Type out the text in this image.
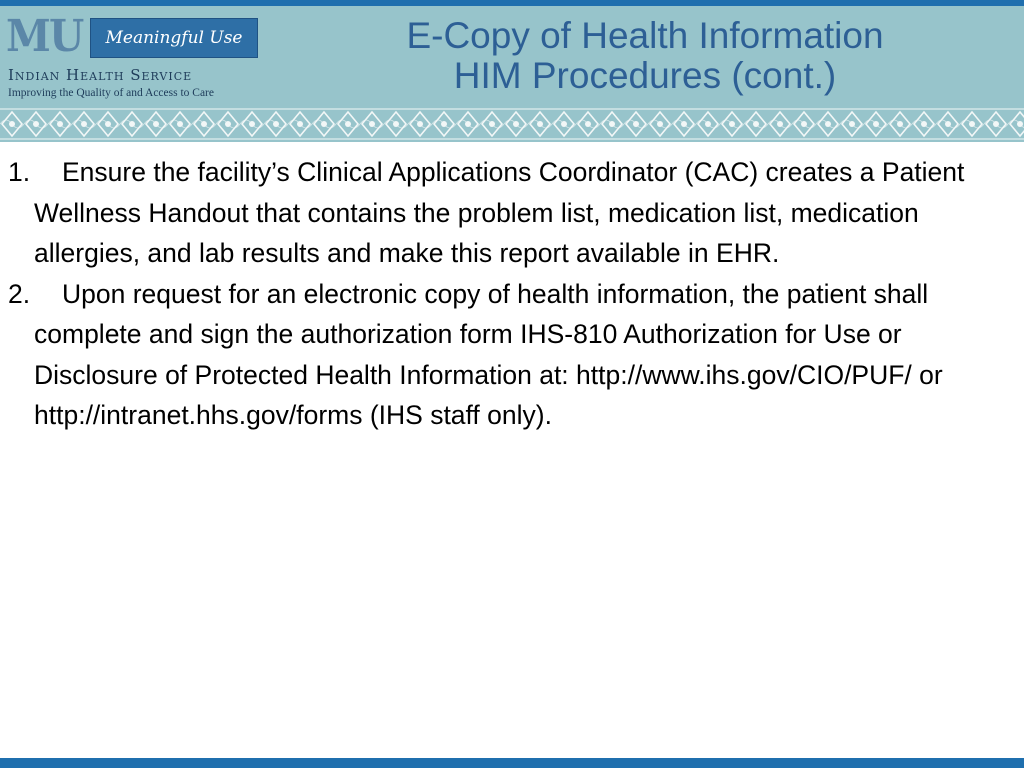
MU	Meaningful Use
Indian Health Service
Improving the Quality of and Access to Care
E-Copy of Health Information
HIM Procedures (cont.)
1.	Ensure the facility’s Clinical Applications Coordinator (CAC) creates a Patient Wellness Handout that contains the problem list, medication list, medication allergies, and lab results and make this report available in EHR.
2.	Upon request for an electronic copy of health information, the patient shall complete and sign the authorization form IHS-810 Authorization for Use or Disclosure of Protected Health Information at: http://www.ihs.gov/CIO/PUF/ or http://intranet.hhs.gov/forms (IHS staff only).
